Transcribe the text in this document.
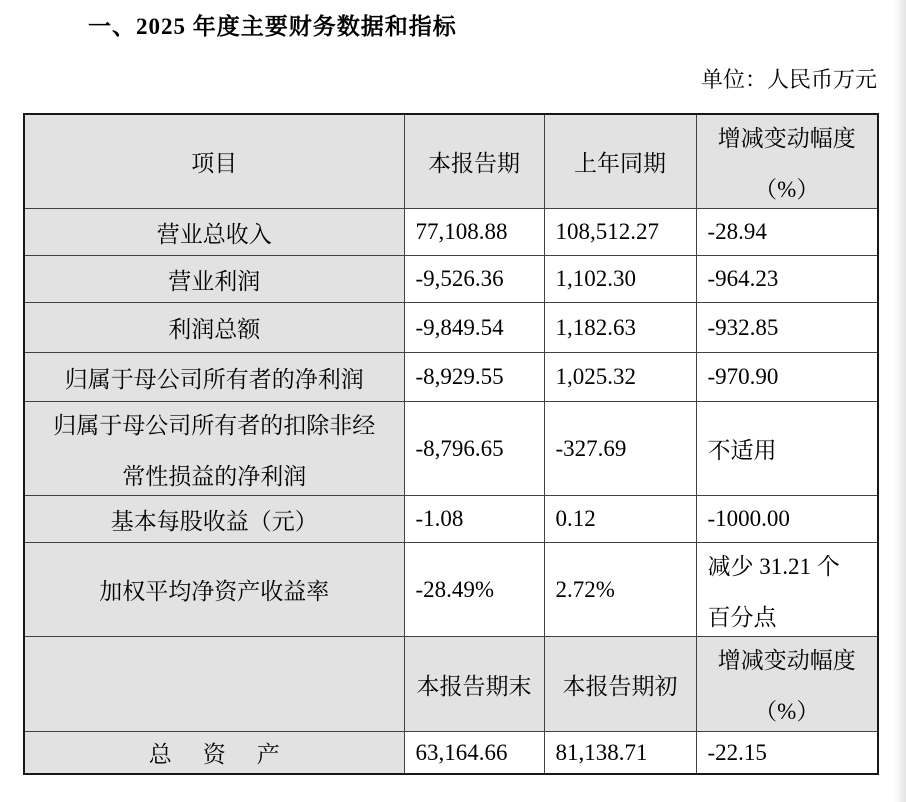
一、2025 年度主要财务数据和指标
单位：人民币万元
项目	本报告期	上年同期	增减变动幅度
（%）

营业总收入	77,108.88	108,512.27	-28.94
营业利润	-9,526.36	1,102.30	-964.23
利润总额	-9,849.54	1,182.63	-932.85
归属于母公司所有者的净利润	-8,929.55	1,025.32	-970.90

归属于母公司所有者的扣除非经
常性损益的净利润	-8,796.65	-327.69	不适用
基本每股收益（元）	-1.08	0.12	-1000.00
加权平均净资产收益率	-28.49%	2.72%	减少 31.21 个
百分点

	本报告期末	本报告期初	增减变动幅度
（%）

总 资 产	63,164.66	81,138.71	-22.15
